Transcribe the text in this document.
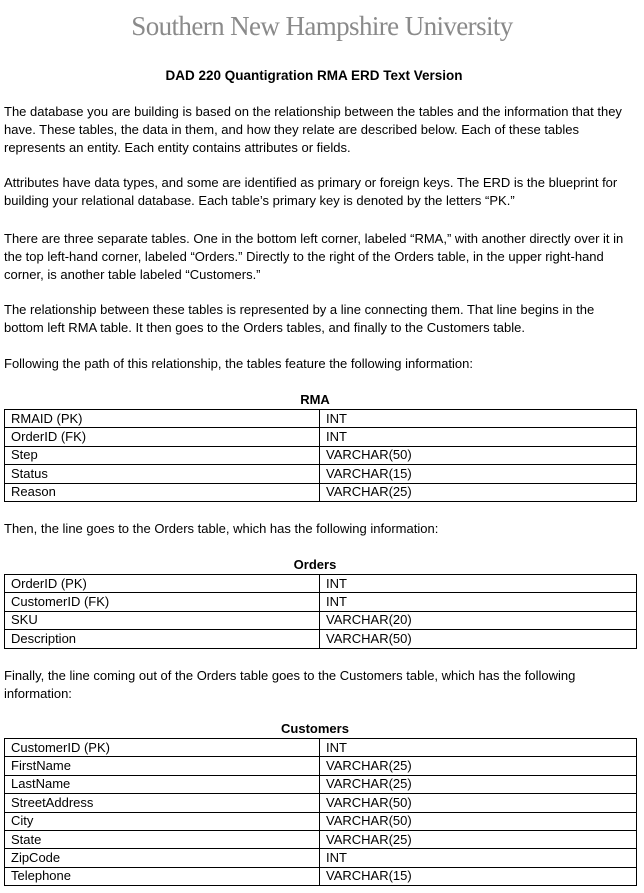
Southern New Hampshire University
DAD 220 Quantigration RMA ERD Text Version

The database you are building is based on the relationship between the tables and the information that they have. These tables, the data in them, and how they relate are described below. Each of these tables represents an entity. Each entity contains attributes or fields.

Attributes have data types, and some are identified as primary or foreign keys. The ERD is the blueprint for building your relational database. Each table’s primary key is denoted by the letters “PK.”

There are three separate tables. One in the bottom left corner, labeled “RMA,” with another directly over it in the top left-hand corner, labeled “Orders.” Directly to the right of the Orders table, in the upper right-hand corner, is another table labeled “Customers.”

The relationship between these tables is represented by a line connecting them. That line begins in the bottom left RMA table. It then goes to the Orders tables, and finally to the Customers table.

Following the path of this relationship, the tables feature the following information:

RMA
RMAID (PK)	INT
OrderID (FK)	INT
Step	VARCHAR(50)
Status	VARCHAR(15)
Reason	VARCHAR(25)

Then, the line goes to the Orders table, which has the following information:

Orders
OrderID (PK)	INT
CustomerID (FK)	INT
SKU	VARCHAR(20)
Description	VARCHAR(50)

Finally, the line coming out of the Orders table goes to the Customers table, which has the following information:

Customers
CustomerID (PK)	INT
FirstName	VARCHAR(25)
LastName	VARCHAR(25)
StreetAddress	VARCHAR(50)
City	VARCHAR(50)
State	VARCHAR(25)
ZipCode	INT
Telephone	VARCHAR(15)
